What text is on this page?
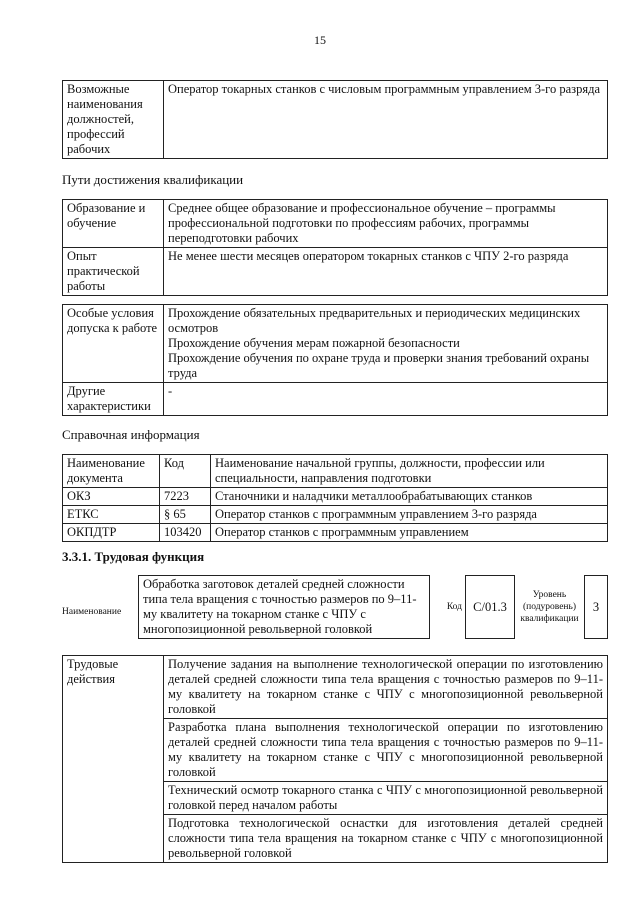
15
Возможные наименования должностей, профессий рабочих	Оператор токарных станков с числовым программным управлением 3-го разряда
Пути достижения квалификации
Образование и обучение	Среднее общее образование и профессиональное обучение – программы профессиональной подготовки по профессиям рабочих, программы переподготовки рабочих
Опыт практической работы	Не менее шести месяцев оператором токарных станков с ЧПУ 2-го разряда
Особые условия допуска к работе	Прохождение обязательных предварительных и периодических медицинских осмотров
Прохождение обучения мерам пожарной безопасности
Прохождение обучения по охране труда и проверки знания требований охраны труда

Другие характеристики	-
Справочная информация
Наименование документа	Код	Наименование начальной группы, должности, профессии или специальности, направления подготовки
ОКЗ	7223	Станочники и наладчики металлообрабатывающих станков
ЕТКС	§ 65	Оператор станков с программным управлением 3-го разряда
ОКПДТР	103420	Оператор станков с программным управлением
3.3.1. Трудовая функция
Наименование	Обработка заготовок деталей средней сложности типа тела вращения с точностью размеров по 9–11-му квалитету на токарном станке с ЧПУ с многопозиционной револьверной головкой		Код	С/01.3	Уровень (подуровень) квалификации	3
Трудовые действия	Получение задания на выполнение технологической операции по изготовлению деталей средней сложности типа тела вращения с точностью размеров по 9–11-му квалитету на токарном станке с ЧПУ с многопозиционной револьверной головкой
Разработка плана выполнения технологической операции по изготовлению деталей средней сложности типа тела вращения с точностью размеров по 9–11-му квалитету на токарном станке с ЧПУ с многопозиционной револьверной головкой
Технический осмотр токарного станка с ЧПУ с многопозиционной револьверной головкой перед началом работы
Подготовка технологической оснастки для изготовления деталей средней сложности типа тела вращения на токарном станке с ЧПУ с многопозиционной револьверной головкой
